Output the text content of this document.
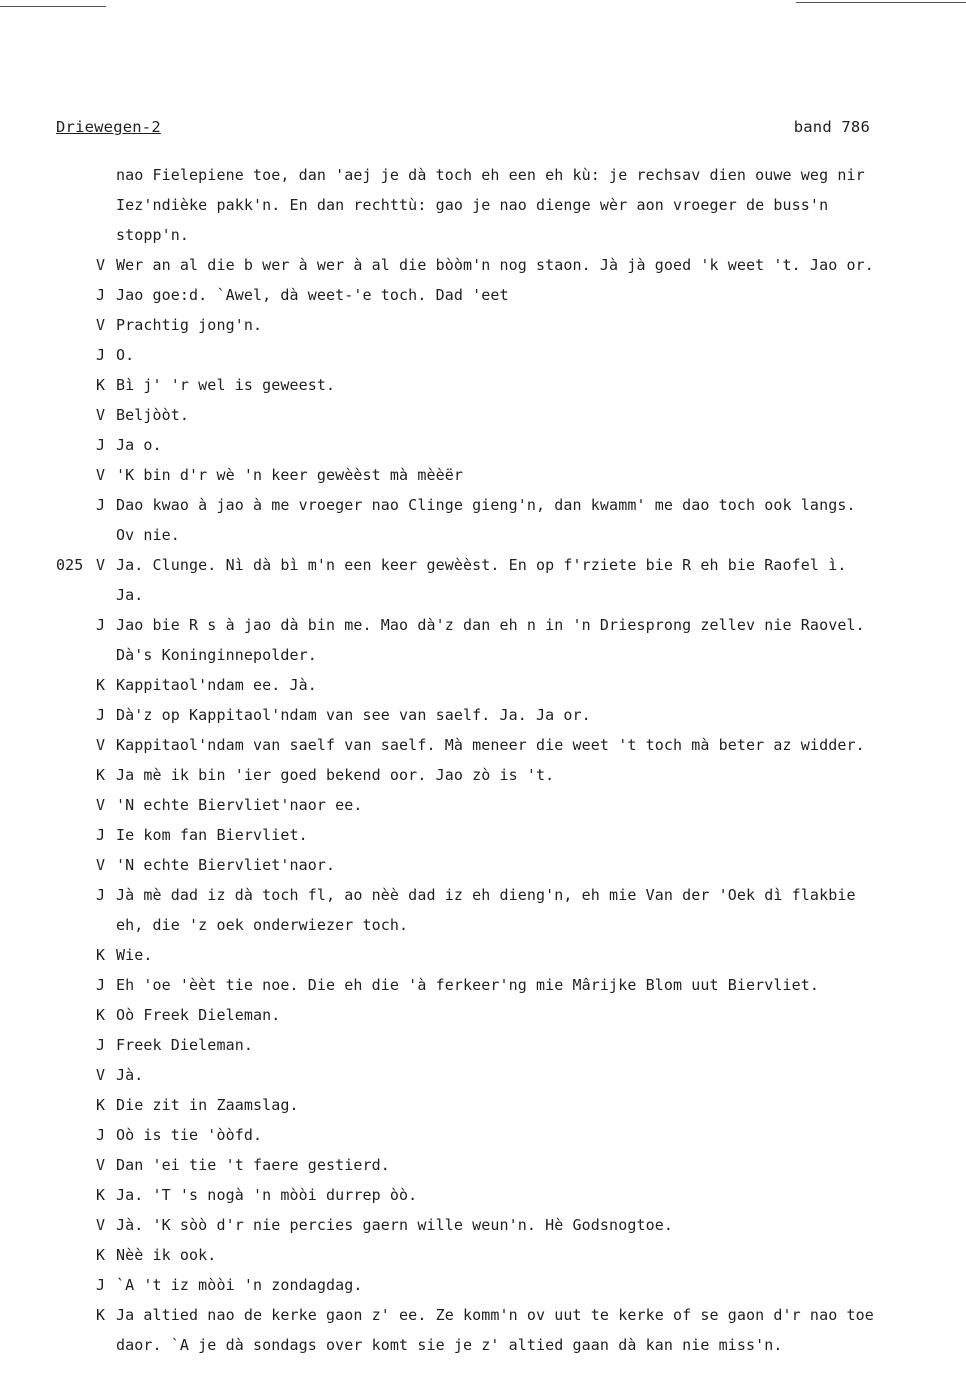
Driewegen-2	band 786
nao Fielepiene toe, dan 'aej je dà toch eh een eh kù: je rechsav dien ouwe weg nir
Iez'ndièke pakk'n. En dan rechttù: gao je nao dienge wèr aon vroeger de buss'n
stopp'n.
V Wer an al die b wer à wer à al die bòòm'n nog staon. Jà jà goed 'k weet 't. Jao or.
J Jao goe:d. `Awel, dà weet-'e toch. Dad 'eet
V Prachtig jong'n.
J O.
K Bì j' 'r wel is geweest.
V Beljòòt.
J Ja o.
V 'K bin d'r wè 'n keer gewèèst mà mèèër
J Dao kwao à jao à me vroeger nao Clinge gieng'n, dan kwamm' me dao toch ook langs.
Ov nie.
025 V Ja. Clunge. Nì dà bì m'n een keer gewèèst. En op f'rziete bie R eh bie Raofel ì.
Ja.
J Jao bie R s à jao dà bin me. Mao dà'z dan eh n in 'n Driesprong zellev nie Raovel.
Dà's Koninginnepolder.
K Kappitaol'ndam ee. Jà.
J Dà'z op Kappitaol'ndam van see van saelf. Ja. Ja or.
V Kappitaol'ndam van saelf van saelf. Mà meneer die weet 't toch mà beter az widder.
K Ja mè ik bin 'ier goed bekend oor. Jao zò is 't.
V 'N echte Biervliet'naor ee.
J Ie kom fan Biervliet.
V 'N echte Biervliet'naor.
J Jà mè dad iz dà toch fl, ao nèè dad iz eh dieng'n, eh mie Van der 'Oek dì flakbie
eh, die 'z oek onderwiezer toch.
K Wie.
J Eh 'oe 'èèt tie noe. Die eh die 'à ferkeer'ng mie Mârijke Blom uut Biervliet.
K Oò Freek Dieleman.
J Freek Dieleman.
V Jà.
K Die zit in Zaamslag.
J Oò is tie 'òòfd.
V Dan 'ei tie 't faere gestierd.
K Ja. 'T 's nogà 'n mòòi durrep òò.
V Jà. 'K sòò d'r nie percies gaern wille weun'n. Hè Godsnogtoe.
K Nèè ik ook.
J `A 't iz mòòi 'n zondagdag.
K Ja altied nao de kerke gaon z' ee. Ze komm'n ov uut te kerke of se gaon d'r nao toe
daor. `A je dà sondags over komt sie je z' altied gaan dà kan nie miss'n.
